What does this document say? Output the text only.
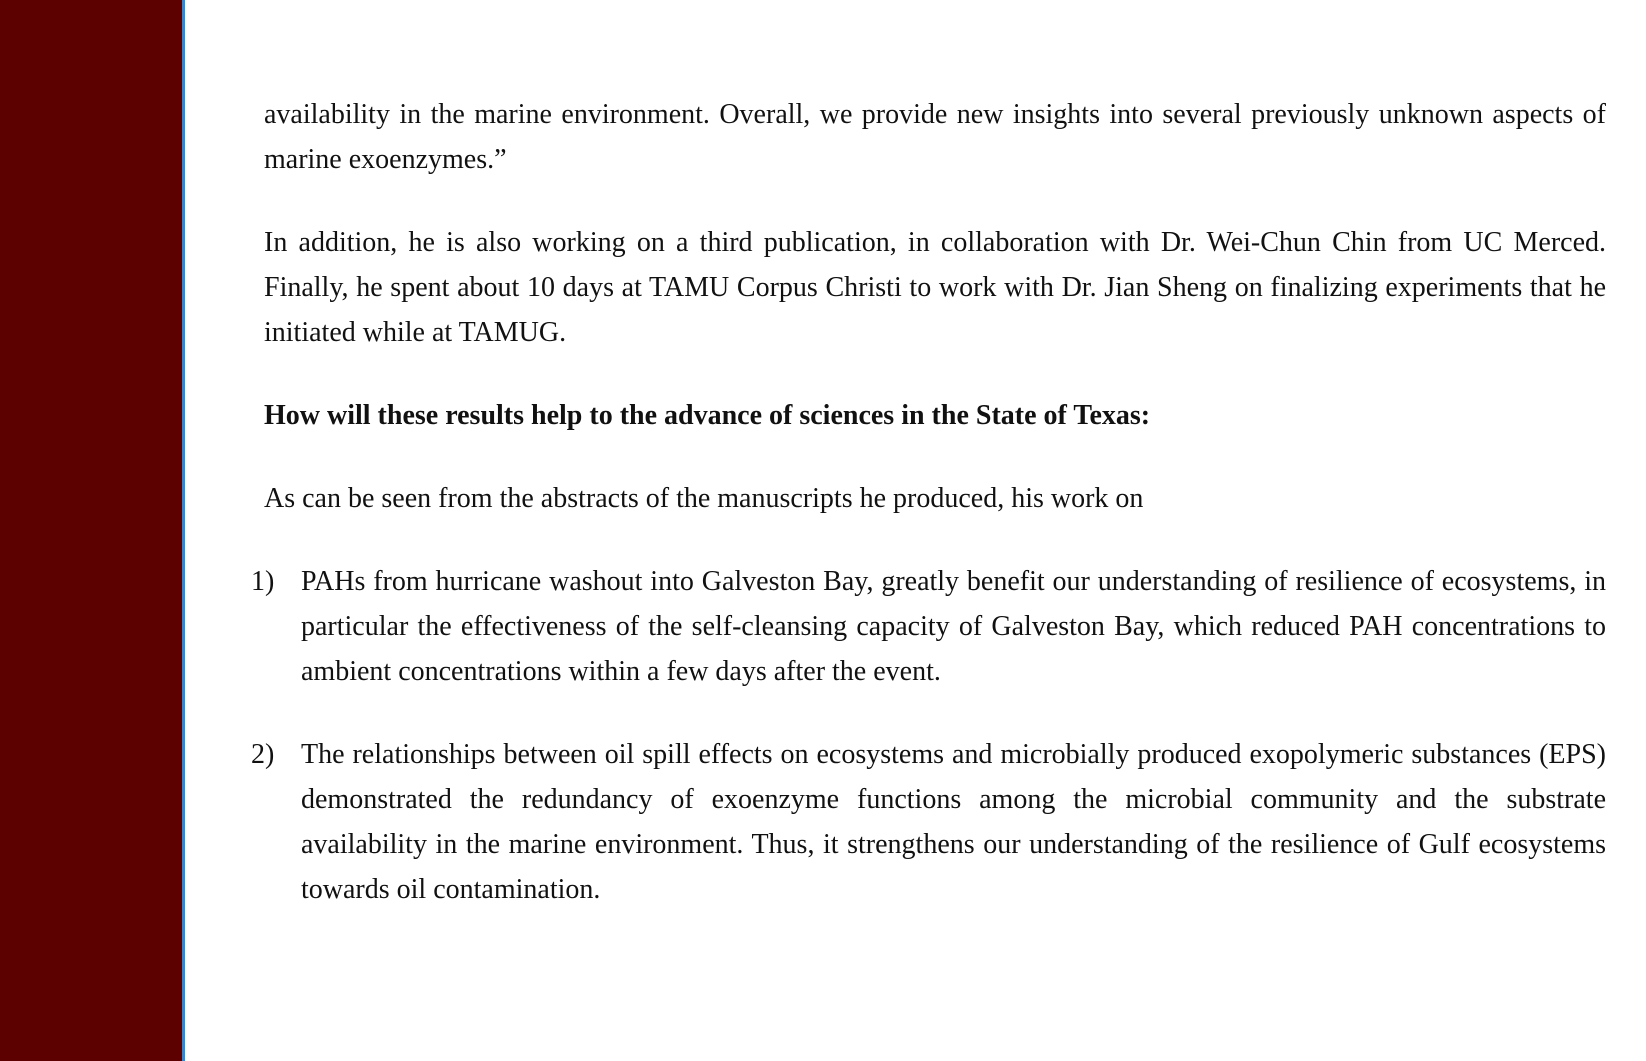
availability in the marine environment. Overall, we provide new insights into several previously unknown aspects of marine exoenzymes.”

In addition, he is also working on a third publication, in collaboration with Dr. Wei-Chun Chin from UC Merced. Finally, he spent about 10 days at TAMU Corpus Christi to work with Dr. Jian Sheng on finalizing experiments that he initiated while at TAMUG.

How will these results help to the advance of sciences in the State of Texas:

As can be seen from the abstracts of the manuscripts he produced, his work on

1) PAHs from hurricane washout into Galveston Bay, greatly benefit our understanding of resilience of ecosystems, in particular the effectiveness of the self-cleansing capacity of Galveston Bay, which reduced PAH concentrations to ambient concentrations within a few days after the event.
2) The relationships between oil spill effects on ecosystems and microbially produced exopolymeric substances (EPS) demonstrated the redundancy of exoenzyme functions among the microbial community and the substrate availability in the marine environment. Thus, it strengthens our understanding of the resilience of Gulf ecosystems towards oil contamination.
